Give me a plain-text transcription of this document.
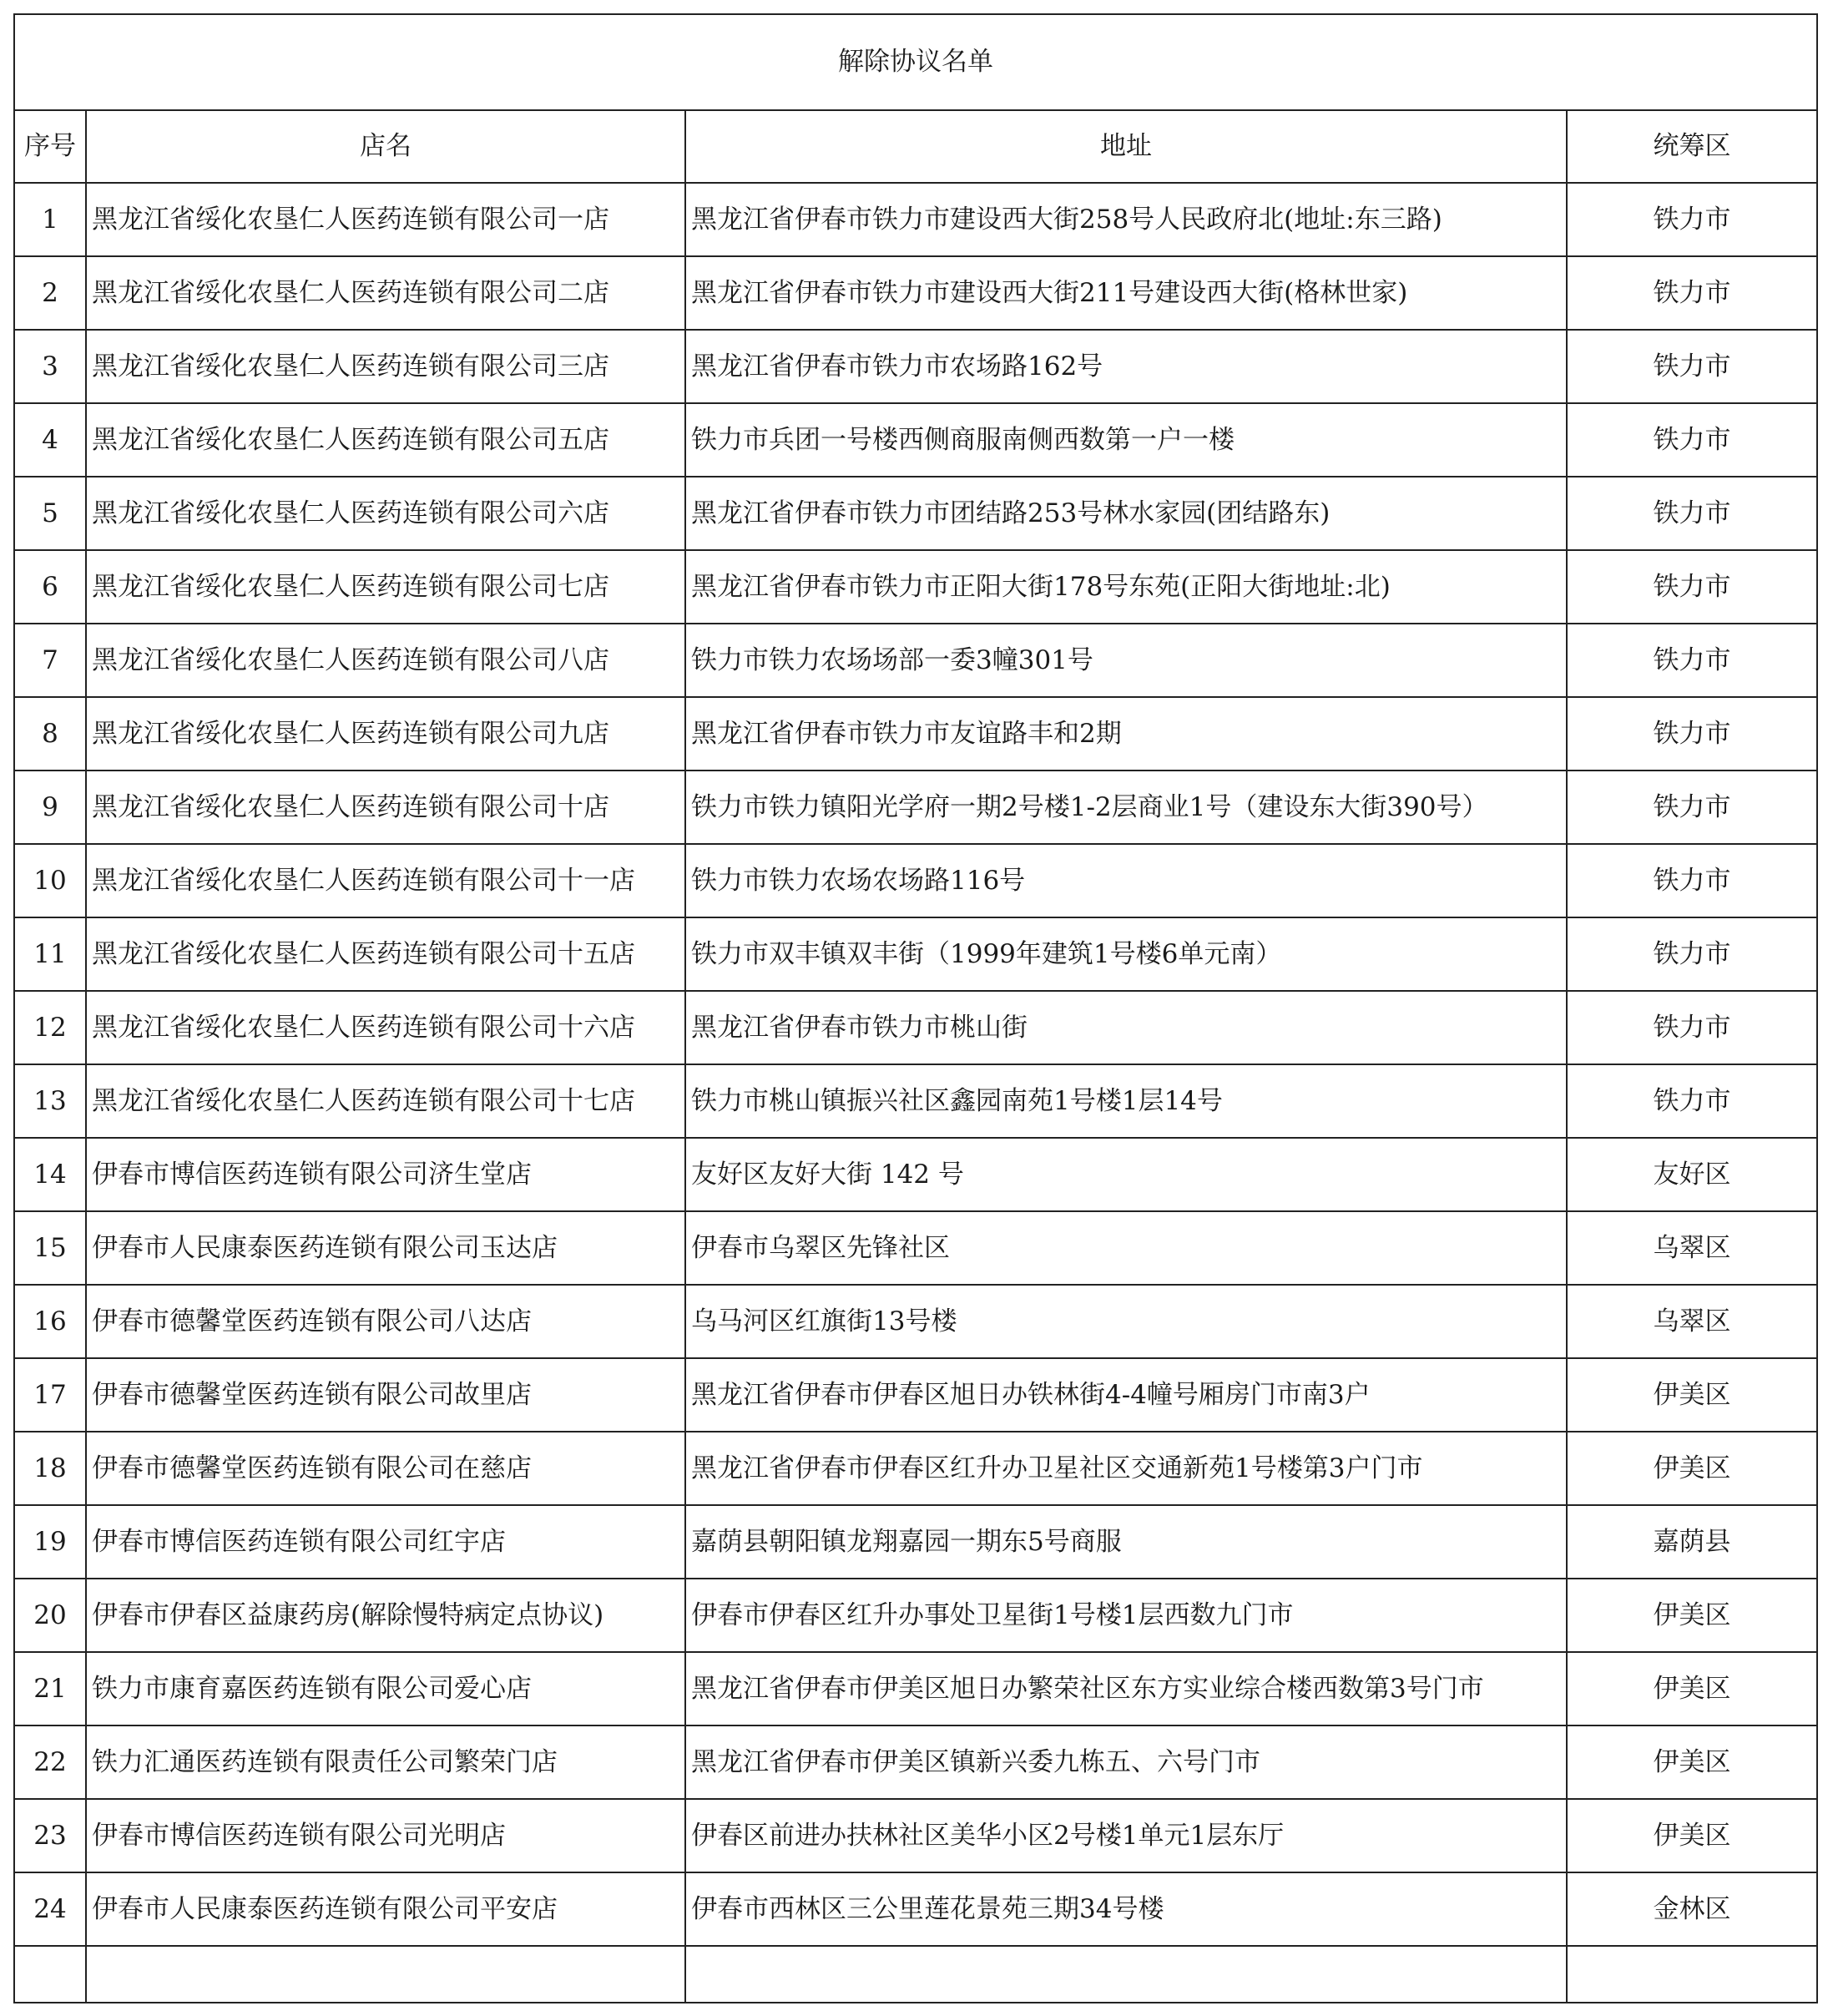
解除协议名单			
序号	店名	地址	统筹区
1	黑龙江省绥化农垦仁人医药连锁有限公司一店	黑龙江省伊春市铁力市建设西大街258号人民政府北(地址:东三路)	铁力市
2	黑龙江省绥化农垦仁人医药连锁有限公司二店	黑龙江省伊春市铁力市建设西大街211号建设西大街(格林世家)	铁力市
3	黑龙江省绥化农垦仁人医药连锁有限公司三店	黑龙江省伊春市铁力市农场路162号	铁力市
4	黑龙江省绥化农垦仁人医药连锁有限公司五店	铁力市兵团一号楼西侧商服南侧西数第一户一楼	铁力市
5	黑龙江省绥化农垦仁人医药连锁有限公司六店	黑龙江省伊春市铁力市团结路253号林水家园(团结路东)	铁力市
6	黑龙江省绥化农垦仁人医药连锁有限公司七店	黑龙江省伊春市铁力市正阳大街178号东苑(正阳大街地址:北)	铁力市
7	黑龙江省绥化农垦仁人医药连锁有限公司八店	铁力市铁力农场场部一委3幢301号	铁力市
8	黑龙江省绥化农垦仁人医药连锁有限公司九店	黑龙江省伊春市铁力市友谊路丰和2期	铁力市
9	黑龙江省绥化农垦仁人医药连锁有限公司十店	铁力市铁力镇阳光学府一期2号楼1-2层商业1号（建设东大街390号）	铁力市
10	黑龙江省绥化农垦仁人医药连锁有限公司十一店	铁力市铁力农场农场路116号	铁力市
11	黑龙江省绥化农垦仁人医药连锁有限公司十五店	铁力市双丰镇双丰街（1999年建筑1号楼6单元南）	铁力市
12	黑龙江省绥化农垦仁人医药连锁有限公司十六店	黑龙江省伊春市铁力市桃山街	铁力市
13	黑龙江省绥化农垦仁人医药连锁有限公司十七店	铁力市桃山镇振兴社区鑫园南苑1号楼1层14号	铁力市
14	伊春市博信医药连锁有限公司济生堂店	友好区友好大街 142 号	友好区
15	伊春市人民康泰医药连锁有限公司玉达店	伊春市乌翠区先锋社区	乌翠区
16	伊春市德馨堂医药连锁有限公司八达店	乌马河区红旗街13号楼	乌翠区
17	伊春市德馨堂医药连锁有限公司故里店	黑龙江省伊春市伊春区旭日办铁林街4-4幢号厢房门市南3户	伊美区
18	伊春市德馨堂医药连锁有限公司在慈店	黑龙江省伊春市伊春区红升办卫星社区交通新苑1号楼第3户门市	伊美区
19	伊春市博信医药连锁有限公司红宇店	嘉荫县朝阳镇龙翔嘉园一期东5号商服	嘉荫县
20	伊春市伊春区益康药房(解除慢特病定点协议)	伊春市伊春区红升办事处卫星街1号楼1层西数九门市	伊美区
21	铁力市康育嘉医药连锁有限公司爱心店	黑龙江省伊春市伊美区旭日办繁荣社区东方实业综合楼西数第3号门市	伊美区
22	铁力汇通医药连锁有限责任公司繁荣门店	黑龙江省伊春市伊美区镇新兴委九栋五、六号门市	伊美区
23	伊春市博信医药连锁有限公司光明店	伊春区前进办扶林社区美华小区2号楼1单元1层东厅	伊美区
24	伊春市人民康泰医药连锁有限公司平安店	伊春市西林区三公里莲花景苑三期34号楼	金林区
